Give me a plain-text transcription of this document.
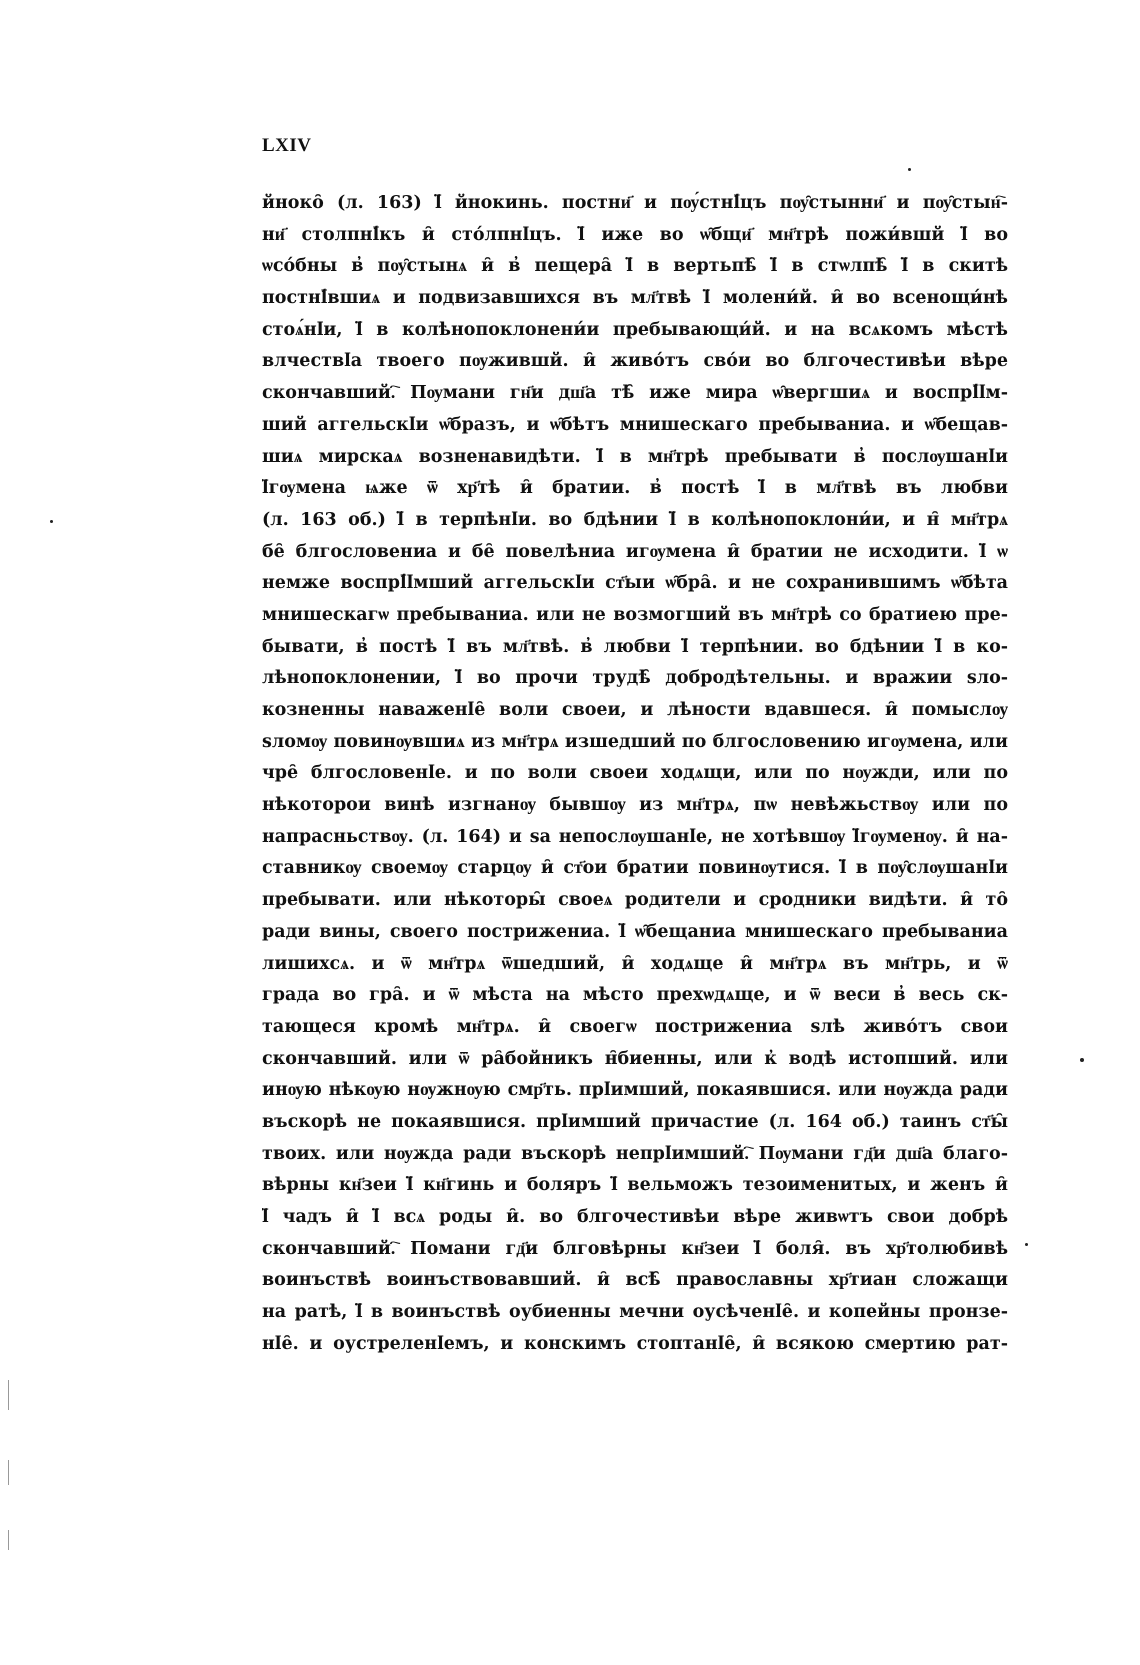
LXIV
йноко̑ (л. 163) ӏ̈ йнокинь. постни҃ и пѹ́стнӏ́цъ пѹ̑стынни҃ и пѹ̑стын҇-
ни҃ столпнӏ́къ и̑ сто́лпнӏцъ. ӏ̈ иже во ѡ̑бщи҃ мн҃трѣ пожи́вшй ӏ̈ во
ѡсо́бны в̓ пѹ̑стынѧ и̑ в̓ пещера̑ ӏ̈ в вертьпѣ̑ ӏ̈ в стѡлпѣ̑ ӏ̈ в скитѣ
постнӏ́вшиѧ и подвизавшихся въ мл҃твѣ ӏ̈ молени́й. и̑ во всенощи́нѣ
стоѧ́нӏи, ӏ̈ в колѣнопоклонени́и пребывающи́й. и на всѧкомъ мѣстѣ
влчествӏа твоего пѹжившй. и̑ живо́тъ сво́и во блгочестивѣи вѣре
скончавший.҇ Пѹмани гн҃и дш҃а тѣ̑ иже мира ѡ̑вергшиѧ и воспрӏ́ӏм-
ший аггельскӏи ѡ̑бразъ, и ѡ̑бѣтъ мнишескаго пребываниа. и ѡ̑бещав-
шиѧ мирскаѧ возненавидѣти. ӏ̈ в мн҃трѣ пребывати в̓ послѹшанӏи
ӏ̈гѹмена ѩже ѿ хр҃тѣ и̑ братии. в̓ постѣ ӏ̈ в мл҃твѣ въ любви
(л. 163 об.) ӏ̈ в терпѣнӏи. во бдѣнии ӏ̈ в колѣнопоклони́и, и н̑ мн҃трѧ
бе̑ блгословениа и бе̑ повелѣниа игѹмена и̑ братии не исходити. ӏ̈ ѡ
немже воспрӏ́ӏмший аггельскӏи ст҃ыи ѡ̑бра̑. и не сохранившимъ ѡ̑бѣта
мнишескагѡ пребываниа. или не возмогший въ мн҃трѣ со братиею пре-
бывати, в̓ постѣ ӏ̈ въ мл҃твѣ. в̓ любви ӏ̈ терпѣнии. во бдѣнии ӏ̈ в ко-
лѣнопоклонении, ӏ̈ во прочи трудѣ̑ добродѣтельны. и вражии ѕло-
козненны наваженӏе̑ воли своеи, и лѣности вдавшеся. и̑ помыслѹ
ѕломѹ повинѹвшиѧ из мн҃трѧ изшедший по блгословению игѹмена, или
чре̑ блгословенӏе. и по воли своеи ходѧщи, или по нѹжди, или по
нѣкоторои винѣ изгнанѹ бывшѹ из мн҃трѧ, пѡ невѣжьствѹ или по
напрасньствѹ. (л. 164) и ѕа непослѹшанӏе, не хотѣвшѹ ӏ̈гѹменѹ. и̑ на-
ставникѹ своемѹ старцѹ и̑ ст҃ои братии повинѹтися. ӏ̈ в пѹ̑слѹшанӏи
пребывати. или нѣкоторы̑ своеѧ родители и сродники видѣти. и̑ то̑
ради вины, своего пострижениа. ӏ̈ ѡ̑бещаниа мнишескаго пребываниа
лишихсѧ. и ѿ мн҃трѧ ѿшедший, и̑ ходѧще и̑ мн҃трѧ въ мн҃трь, и ѿ
града во гра̑. и ѿ мѣста на мѣсто прехѡдѧще, и ѿ веси в̓ весь ск-
тающеся кромѣ мн҃трѧ. и̑ своегѡ пострижениа ѕлѣ живо́тъ свои
скончавший. или ѿ ра̑бойникъ н̑биенны, или к̓ водѣ истопший. или
инѹю нѣкѹю нѹжнѹю смр҃ть. прӏимший, покаявшися. или нѹжда ради
въскорѣ не покаявшися. прӏимший причастие (л. 164 об.) таинъ ст҃ы̑
твоих. или нѹжда ради въскорѣ непрӏимший.҇ Пѹмани гд҃и дш҃а благо-
вѣрны кн҃зеи ӏ̈ кн҃гинь и боляръ ӏ̈ вельможъ тезоименитых, и женъ и̑
ӏ̈ чадъ и̑ ӏ̈ всѧ роды и̑. во блгочестивѣи вѣре живѡтъ свои добрѣ
скончавший.҇ Помани гд҃и блговѣрны кн҃зеи ӏ̈ боля̑. въ хр҃толюбивѣ
воинъствѣ воинъствовавший. и̑ всѣ̑ православны хр҃тиан сложащи
на ратѣ, ӏ̈ в воинъствѣ оубиенны мечни оусѣченӏе̑. и копейны пронзе-
нӏе̑. и оустреленӏемъ, и конскимъ стоптанӏе̑, и̑ всякою смертию рат-
